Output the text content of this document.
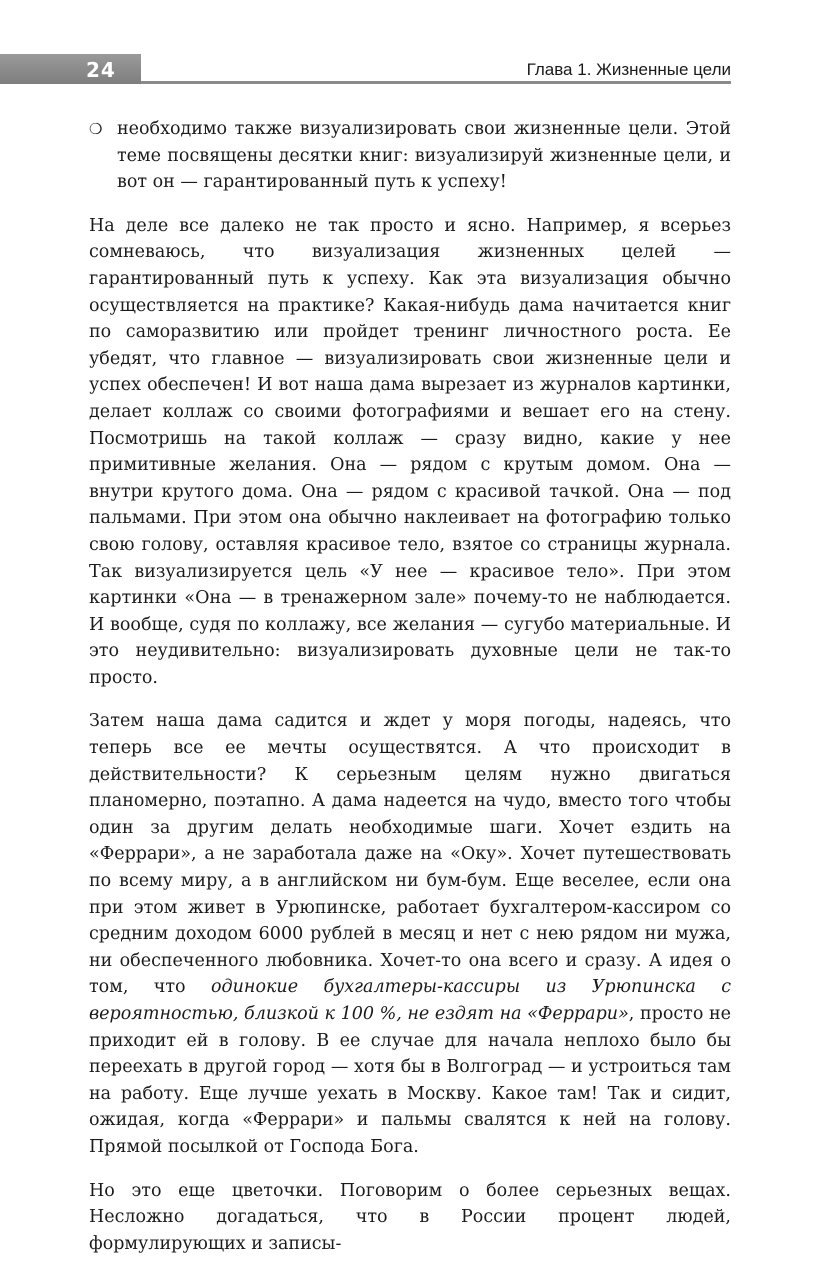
24	Глава 1. Жизненные цели
❍ необходимо также визуализировать свои жизненные цели. Этой теме посвящены десятки книг: визуализируй жизненные цели, и вот он — гарантированный путь к успеху!

На деле все далеко не так просто и ясно. Например, я всерьез сомневаюсь, что визуализация жизненных целей — гарантированный путь к успеху. Как эта визуализация обычно осуществляется на практике? Какая-нибудь дама начитается книг по саморазвитию или пройдет тренинг личностного роста. Ее убедят, что главное — визуализировать свои жизненные цели и успех обеспечен! И вот наша дама вырезает из журналов картинки, делает коллаж со своими фотографиями и вешает его на стену. Посмотришь на такой коллаж — сразу видно, какие у нее примитивные желания. Она — рядом с крутым домом. Она — внутри крутого дома. Она — рядом с красивой тачкой. Она — под пальмами. При этом она обычно наклеивает на фотографию только свою голову, оставляя красивое тело, взятое со страницы журнала. Так визуализируется цель «У нее — красивое тело». При этом картинки «Она — в тренажерном зале» почему-то не наблюдается. И вообще, судя по коллажу, все желания — сугубо материальные. И это неудивительно: визуализировать духовные цели не так-то просто.

Затем наша дама садится и ждет у моря погоды, надеясь, что теперь все ее мечты осуществятся. А что происходит в действительности? К серьезным целям нужно двигаться планомерно, поэтапно. А дама надеется на чудо, вместо того чтобы один за другим делать необходимые шаги. Хочет ездить на «Феррари», а не заработала даже на «Оку». Хочет путешествовать по всему миру, а в английском ни бум-бум. Еще веселее, если она при этом живет в Урюпинске, работает бухгалтером-кассиром со средним доходом 6000 рублей в месяц и нет с нею рядом ни мужа, ни обеспеченного любовника. Хочет-то она всего и сразу. А идея о том, что одинокие бухгалтеры-кассиры из Урюпинска с вероятностью, близкой к 100 %, не ездят на «Феррари», просто не приходит ей в голову. В ее случае для начала неплохо было бы переехать в другой город — хотя бы в Волгоград — и устроиться там на работу. Еще лучше уехать в Москву. Какое там! Так и сидит, ожидая, когда «Феррари» и пальмы свалятся к ней на голову. Прямой посылкой от Господа Бога.

Но это еще цветочки. Поговорим о более серьезных вещах. Несложно догадаться, что в России процент людей, формулирующих и записы-
